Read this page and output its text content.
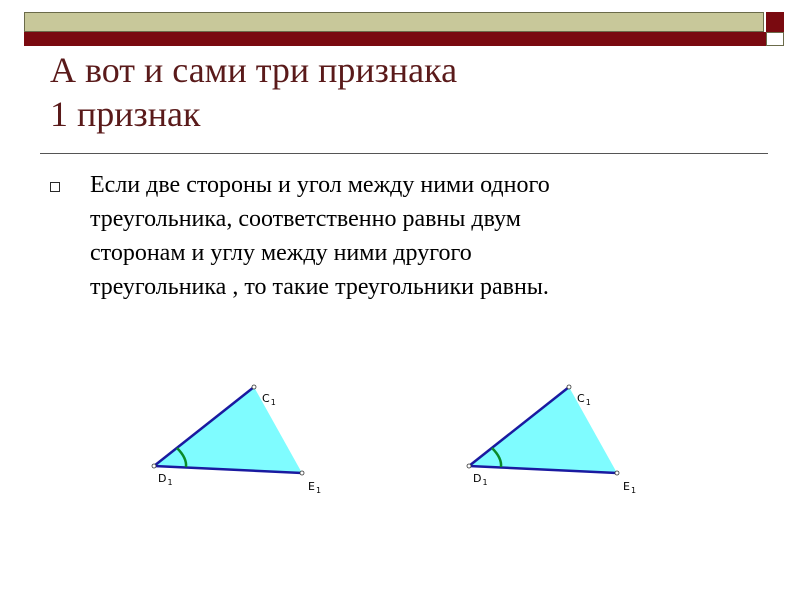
А вот и сами три признака
1 признак
Если две стороны и угол между ними одного
треугольника, соответственно равны двум
сторонам и углу между ними другого
треугольника , то такие треугольники равны.
$C_1$
$D_1$	$E_1$
$C_1$
$D_1$	$E_1$
